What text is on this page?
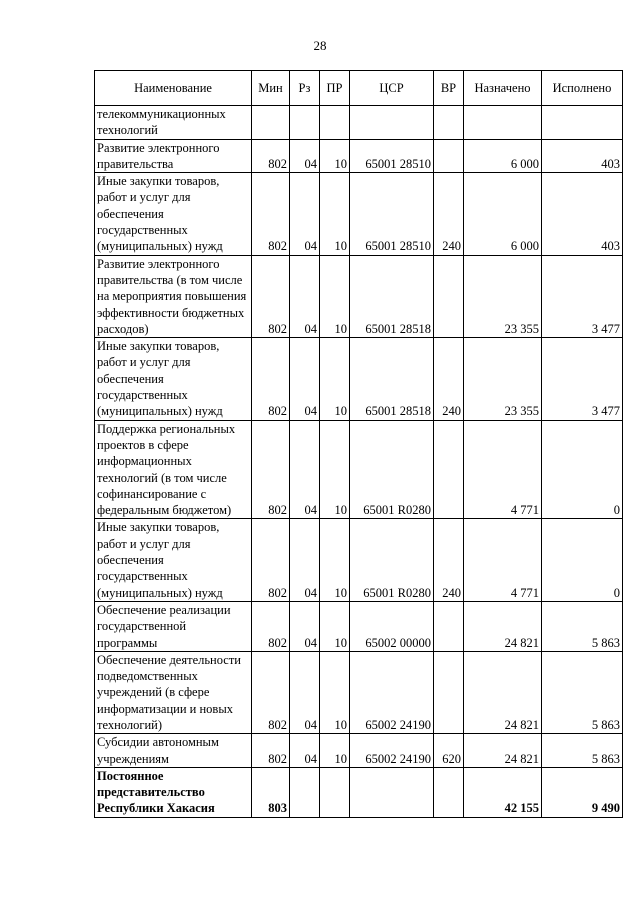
28
Наименование	Мин	Рз	ПР	ЦСР	ВР	Назначено	Исполнено
телекоммуникационных технологий							
Развитие электронного правительства	802	04	10	65001 28510		6 000	403
Иные закупки товаров, работ и услуг для обеспечения государственных (муниципальных) нужд	802	04	10	65001 28510	240	6 000	403
Развитие электронного правительства (в том числе на мероприятия повышения эффективности бюджетных расходов)	802	04	10	65001 28518		23 355	3 477
Иные закупки товаров, работ и услуг для обеспечения государственных (муниципальных) нужд	802	04	10	65001 28518	240	23 355	3 477
Поддержка региональных проектов в сфере информационных технологий (в том числе софинансирование с федеральным бюджетом)	802	04	10	65001 R0280		4 771	0
Иные закупки товаров, работ и услуг для обеспечения государственных (муниципальных) нужд	802	04	10	65001 R0280	240	4 771	0
Обеспечение реализации государственной программы	802	04	10	65002 00000		24 821	5 863
Обеспечение деятельности подведомственных учреждений (в сфере информатизации и новых технологий)	802	04	10	65002 24190		24 821	5 863
Субсидии автономным учреждениям	802	04	10	65002 24190	620	24 821	5 863
Постоянное представительство Республики Хакасия	803					42 155	9 490
